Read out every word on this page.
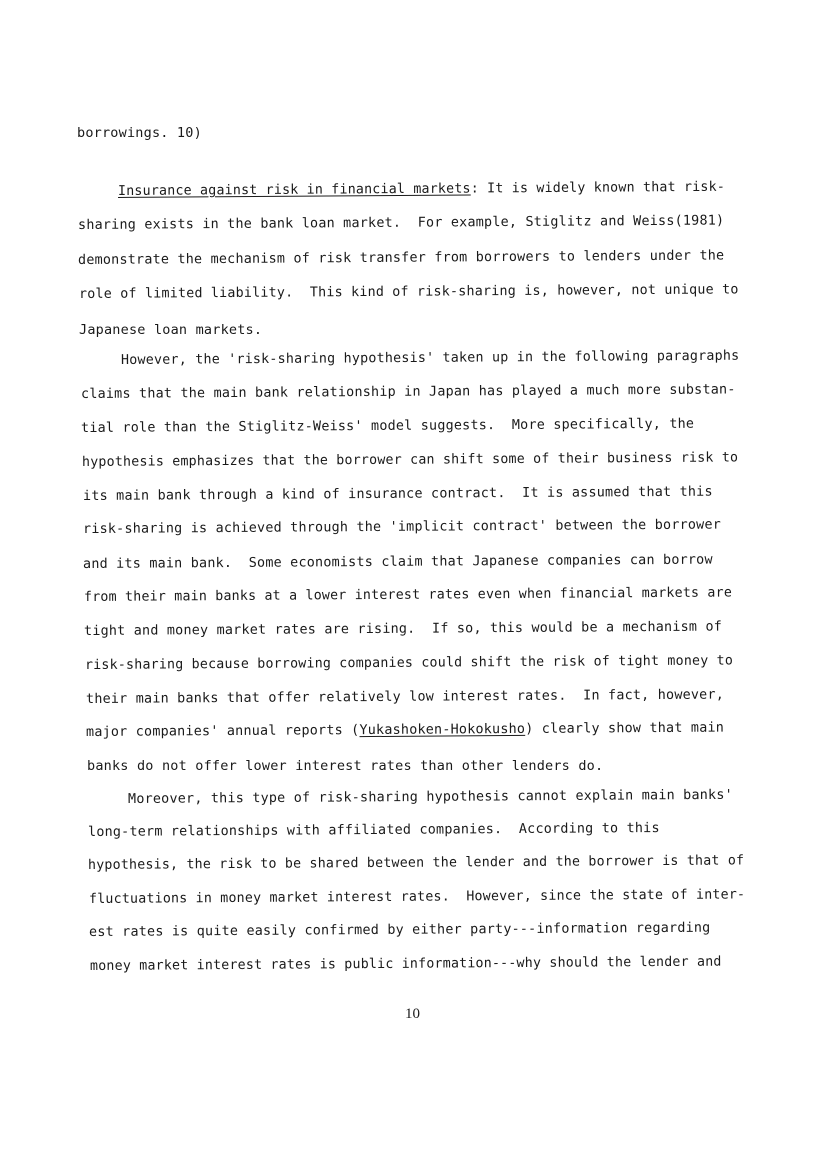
borrowings. 10)
Insurance against risk in financial markets: It is widely known that risk-
sharing exists in the bank loan market.  For example, Stiglitz and Weiss(1981)
demonstrate the mechanism of risk transfer from borrowers to lenders under the
role of limited liability.  This kind of risk-sharing is, however, not unique to
Japanese loan markets.
However, the 'risk-sharing hypothesis' taken up in the following paragraphs
claims that the main bank relationship in Japan has played a much more substan-
tial role than the Stiglitz-Weiss' model suggests.  More specifically, the
hypothesis emphasizes that the borrower can shift some of their business risk to
its main bank through a kind of insurance contract.  It is assumed that this
risk-sharing is achieved through the 'implicit contract' between the borrower
and its main bank.  Some economists claim that Japanese companies can borrow
from their main banks at a lower interest rates even when financial markets are
tight and money market rates are rising.  If so, this would be a mechanism of
risk-sharing because borrowing companies could shift the risk of tight money to
their main banks that offer relatively low interest rates.  In fact, however,
major companies' annual reports (Yukashoken-Hokokusho) clearly show that main
banks do not offer lower interest rates than other lenders do.
Moreover, this type of risk-sharing hypothesis cannot explain main banks'
long-term relationships with affiliated companies.  According to this
hypothesis, the risk to be shared between the lender and the borrower is that of
fluctuations in money market interest rates.  However, since the state of inter-
est rates is quite easily confirmed by either party---information regarding
money market interest rates is public information---why should the lender and
10
